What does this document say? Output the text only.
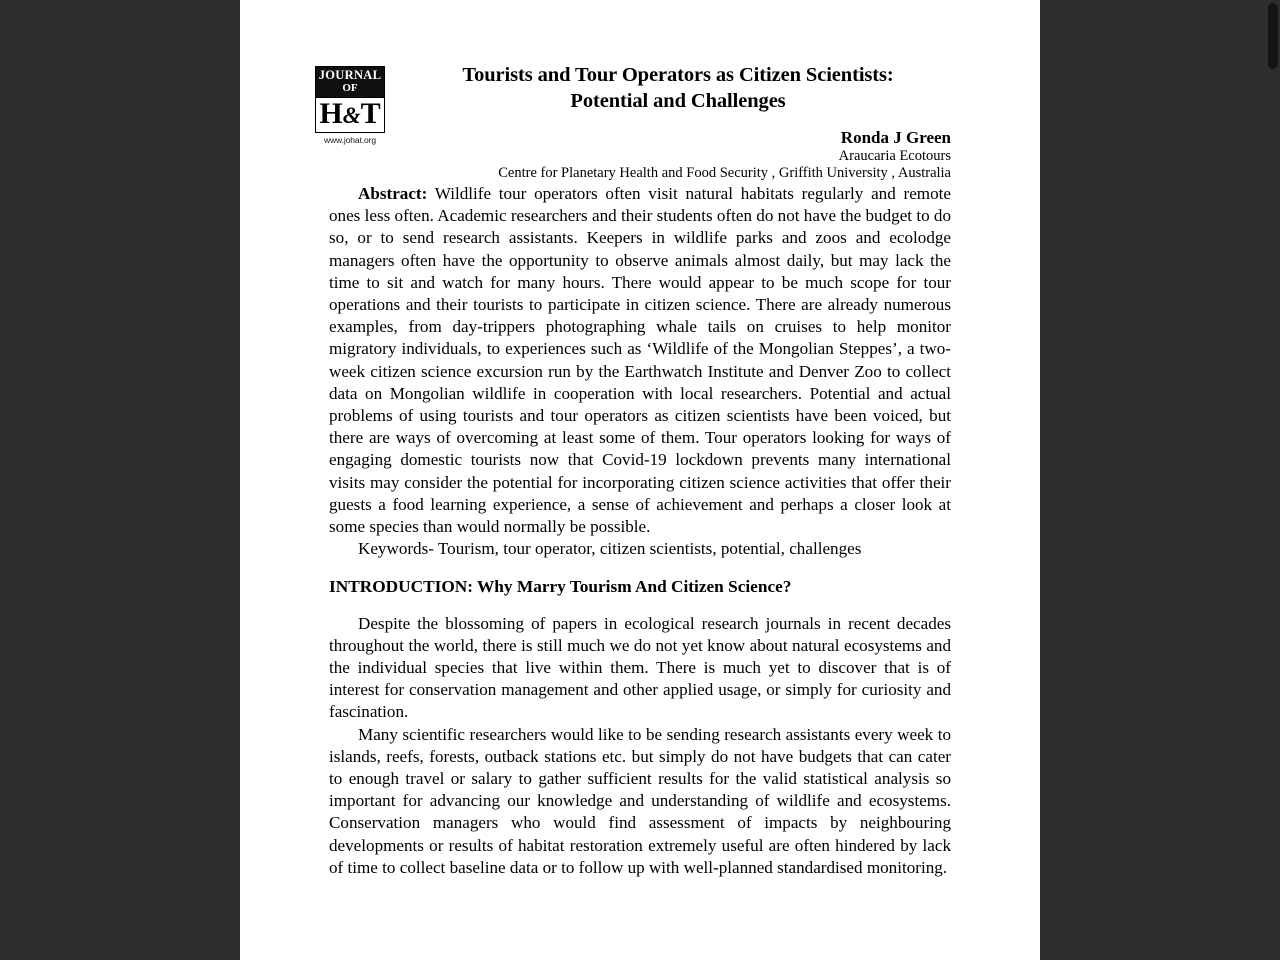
JOURNAL
OF
H&T
www.johat.org
Tourists and Tour Operators as Citizen Scientists:
Potential and Challenges
Ronda J Green
Araucaria Ecotours
Centre for Planetary Health and Food Security , Griffith University , Australia

Abstract: Wildlife tour operators often visit natural habitats regularly and remote ones less often. Academic researchers and their students often do not have the budget to do so, or to send research assistants. Keepers in wildlife parks and zoos and ecolodge managers often have the opportunity to observe animals almost daily, but may lack the time to sit and watch for many hours. There would appear to be much scope for tour operations and their tourists to participate in citizen science. There are already numerous examples, from day-trippers photographing whale tails on cruises to help monitor migratory individuals, to experiences such as ‘Wildlife of the Mongolian Steppes’, a two-week citizen science excursion run by the Earthwatch Institute and Denver Zoo to collect data on Mongolian wildlife in cooperation with local researchers. Potential and actual problems of using tourists and tour operators as citizen scientists have been voiced, but there are ways of overcoming at least some of them. Tour operators looking for ways of engaging domestic tourists now that Covid-19 lockdown prevents many international visits may consider the potential for incorporating citizen science activities that offer their guests a food learning experience, a sense of achievement and perhaps a closer look at some species than would normally be possible.

Keywords- Tourism, tour operator, citizen scientists, potential, challenges

INTRODUCTION: Why Marry Tourism And Citizen Science?

Despite the blossoming of papers in ecological research journals in recent decades throughout the world, there is still much we do not yet know about natural ecosystems and the individual species that live within them. There is much yet to discover that is of interest for conservation management and other applied usage, or simply for curiosity and fascination.

Many scientific researchers would like to be sending research assistants every week to islands, reefs, forests, outback stations etc. but simply do not have budgets that can cater to enough travel or salary to gather sufficient results for the valid statistical analysis so important for advancing our knowledge and understanding of wildlife and ecosystems. Conservation managers who would find assessment of impacts by neighbouring developments or results of habitat restoration extremely useful are often hindered by lack of time to collect baseline data or to follow up with well-planned standardised monitoring.
